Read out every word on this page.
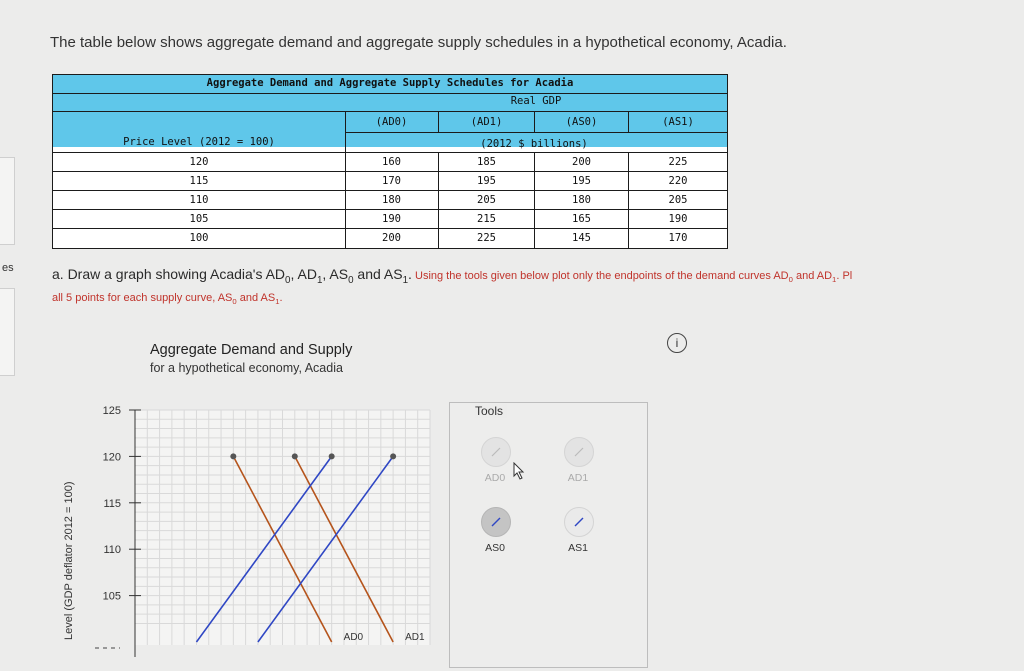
es
The table below shows aggregate demand and aggregate supply schedules in a hypothetical economy, Acadia.
Aggregate Demand and Aggregate Supply Schedules for Acadia
Real GDP
(AD0)	(AD1)	(AS0)	(AS1)
Price Level (2012 = 100)	(2012 $ billions)
120	160	185	200	225
115	170	195	195	220
110	180	205	180	205
105	190	215	165	190
100	200	225	145	170
a. Draw a graph showing Acadia's $AD_0$, $AD_1$, $AS_0$ and $AS_1$. Using the tools given below plot only the endpoints of the demand curves $AD_0$ and $AD_1$. Pl
all 5 points for each supply curve, $AS_0$ and $AS_1$.
Aggregate Demand and Supply
for a hypothetical economy, Acadia
i
125
120
115
110
105
AD0	AD1
Level (GDP deflator 2012 = 100)
Tools
AD0	AD1
AS0	AS1
